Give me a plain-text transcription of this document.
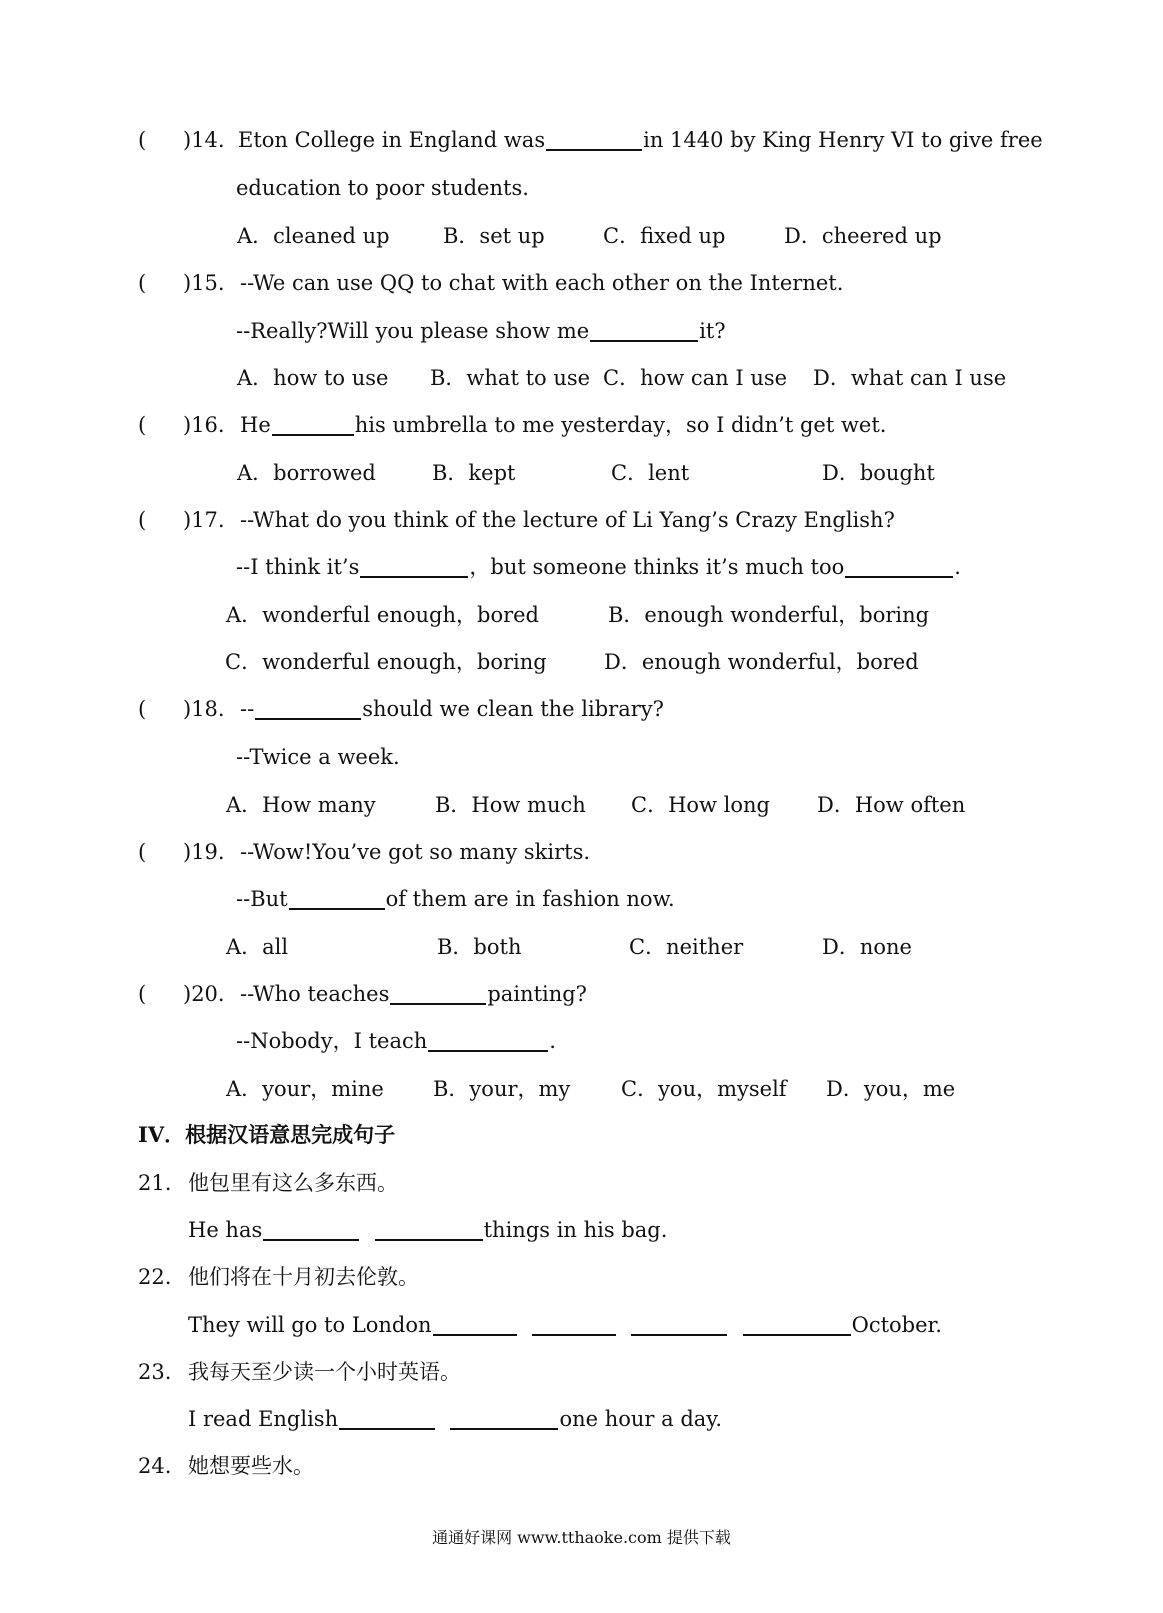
( )14. Eton College in England was	in 1440 by King Henry VI to give free
education to poor students.
A．cleaned up	B．set up	C．fixed up	D．cheered up
( )15. --We can use QQ to chat with each other on the Internet.
--Really?Will you please show me	it?
A．how to use B．what to use C．how can I use D．what can I use
( )16. He	his umbrella to me yesterday，so I didn’t get wet.
A．borrowed	B．kept	C．lent	D．bought
( )17. --What do you think of the lecture of Li Yang’s Crazy English?
--I think it’s	，but someone thinks it’s much too	.
A．wonderful enough，bored	B．enough wonderful，boring
C．wonderful enough，boring	D．enough wonderful，bored
( )18. --	should we clean the library?
--Twice a week.
A．How many	B．How much C．How long D．How often
( )19. --Wow!You’ve got so many skirts.
--But	of them are in fashion now.
A．all	B．both	C．neither	D．none
( )20. --Who teaches	painting?
--Nobody，I teach	.
A．your，mine B．your，my C．you，myself D．you，me
IV．根据汉语意思完成句子
21. 他包里有这么多东西。
He has	things in his bag.
22. 他们将在十月初去伦敦。
They will go to London	October.
23. 我每天至少读一个小时英语。
I read English	one hour a day.
24. 她想要些水。
通通好课网 www.tthaoke.com 提供下载
